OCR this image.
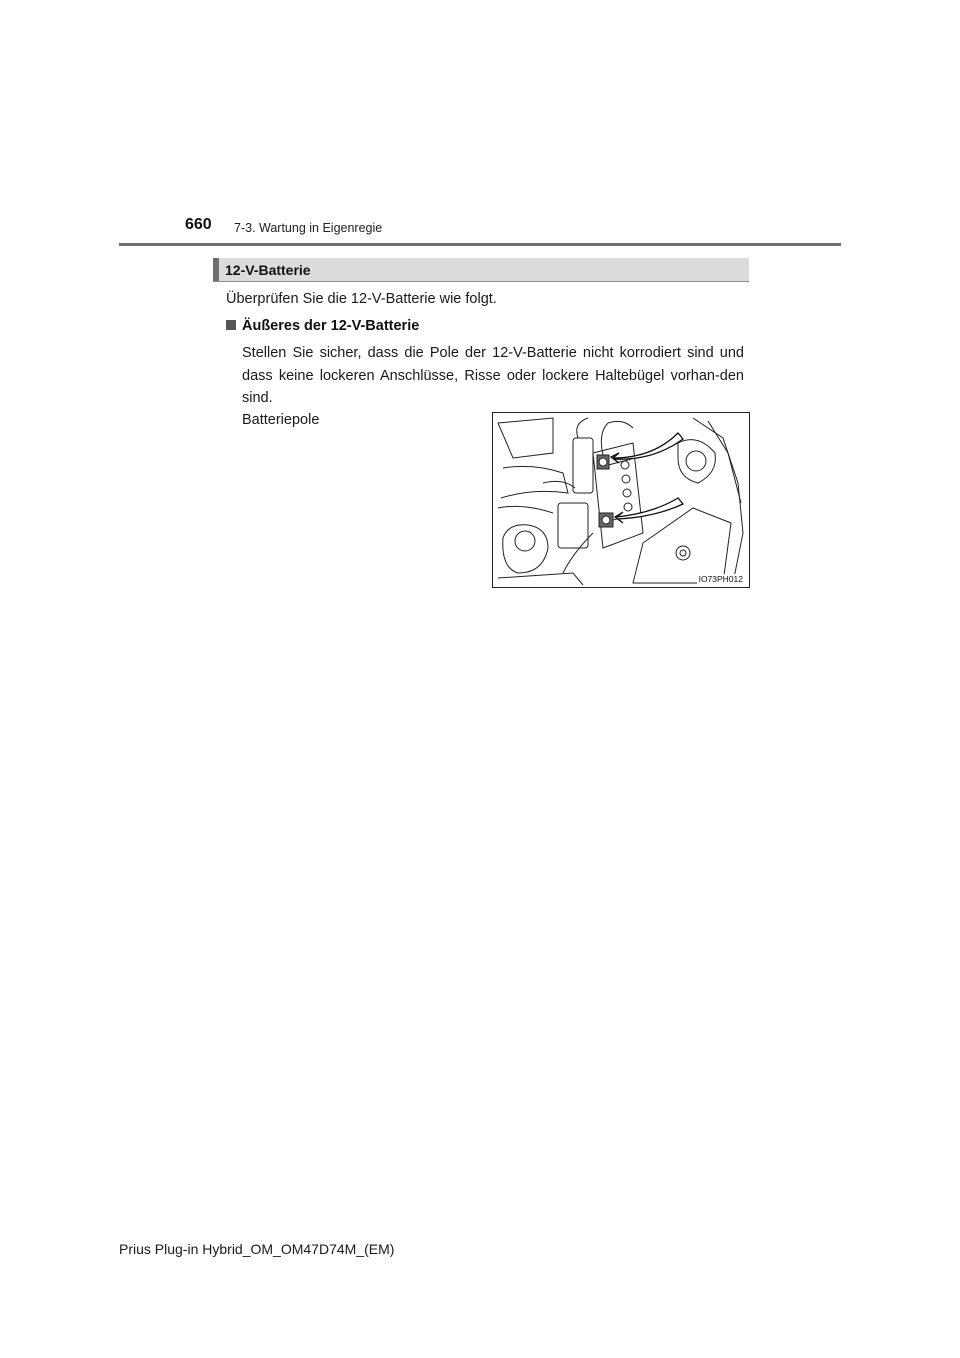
660 7-3. Wartung in Eigenregie
12-V-Batterie
Überprüfen Sie die 12-V-Batterie wie folgt.
Äußeres der 12-V-Batterie
Stellen Sie sicher, dass die Pole der 12-V-Batterie nicht korrodiert sind und dass keine lockeren Anschlüsse, Risse oder lockere Haltebügel vorhan-den sind.
Batteriepole
IO73PH012
Prius Plug-in Hybrid_OM_OM47D74M_(EM)
